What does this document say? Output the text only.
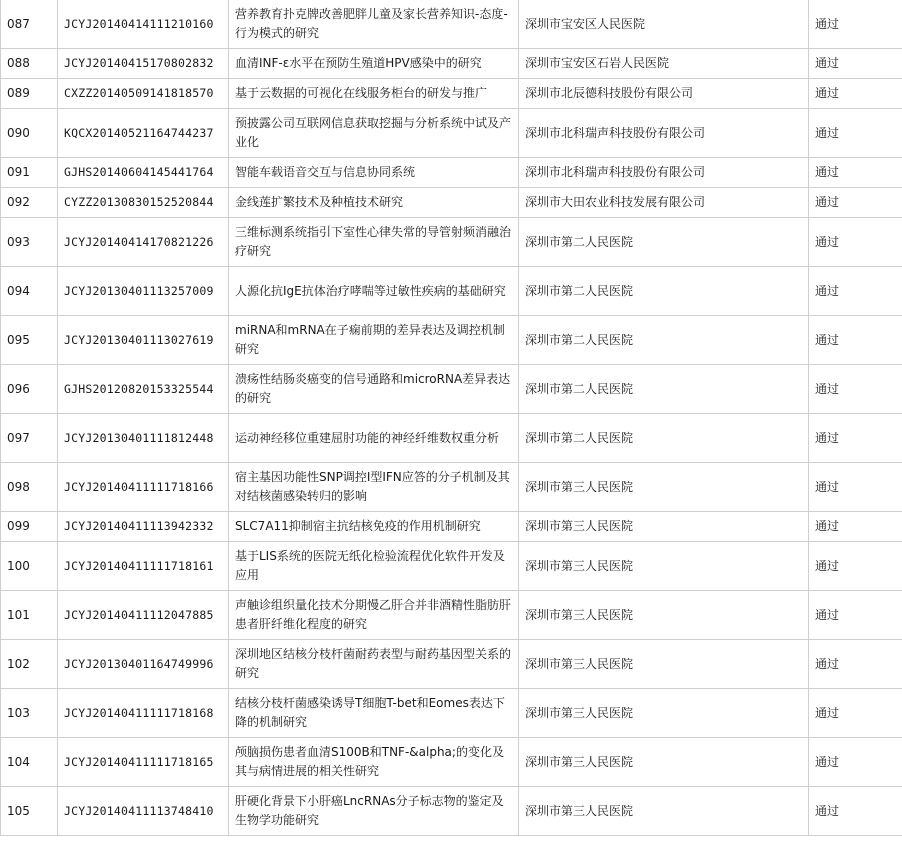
087	JCYJ20140414111210160	营养教育扑克牌改善肥胖儿童及家长营养知识-态度-行为模式的研究	深圳市宝安区人民医院	通过
088	JCYJ20140415170802832	血清INF-ε水平在预防生殖道HPV感染中的研究	深圳市宝安区石岩人民医院	通过
089	CXZZ20140509141818570	基于云数据的可视化在线服务柜台的研发与推广	深圳市北辰德科技股份有限公司	通过
090	KQCX20140521164744237	预披露公司互联网信息获取挖掘与分析系统中试及产业化	深圳市北科瑞声科技股份有限公司	通过
091	GJHS20140604145441764	智能车载语音交互与信息协同系统	深圳市北科瑞声科技股份有限公司	通过
092	CYZZ20130830152520844	金线莲扩繁技术及种植技术研究	深圳市大田农业科技发展有限公司	通过
093	JCYJ20140414170821226	三维标测系统指引下室性心律失常的导管射频消融治疗研究	深圳市第二人民医院	通过
094	JCYJ20130401113257009	人源化抗IgE抗体治疗哮喘等过敏性疾病的基础研究	深圳市第二人民医院	通过
095	JCYJ20130401113027619	miRNA和mRNA在子痫前期的差异表达及调控机制研究	深圳市第二人民医院	通过
096	GJHS20120820153325544	溃疡性结肠炎癌变的信号通路和microRNA差异表达的研究	深圳市第二人民医院	通过
097	JCYJ20130401111812448	运动神经移位重建屈肘功能的神经纤维数权重分析	深圳市第二人民医院	通过
098	JCYJ20140411111718166	宿主基因功能性SNP调控I型IFN应答的分子机制及其对结核菌感染转归的影响	深圳市第三人民医院	通过
099	JCYJ20140411113942332	SLC7A11抑制宿主抗结核免疫的作用机制研究	深圳市第三人民医院	通过
100	JCYJ20140411111718161	基于LIS系统的医院无纸化检验流程优化软件开发及应用	深圳市第三人民医院	通过
101	JCYJ20140411112047885	声触诊组织量化技术分期慢乙肝合并非酒精性脂肪肝患者肝纤维化程度的研究	深圳市第三人民医院	通过
102	JCYJ20130401164749996	深圳地区结核分枝杆菌耐药表型与耐药基因型关系的研究	深圳市第三人民医院	通过
103	JCYJ20140411111718168	结核分枝杆菌感染诱导T细胞T-bet和Eomes表达下降的机制研究	深圳市第三人民医院	通过
104	JCYJ20140411111718165	颅脑损伤患者血清S100B和TNF-&alpha;的变化及其与病情进展的相关性研究	深圳市第三人民医院	通过
105	JCYJ20140411113748410	肝硬化背景下小肝癌LncRNAs分子标志物的鉴定及生物学功能研究	深圳市第三人民医院	通过
